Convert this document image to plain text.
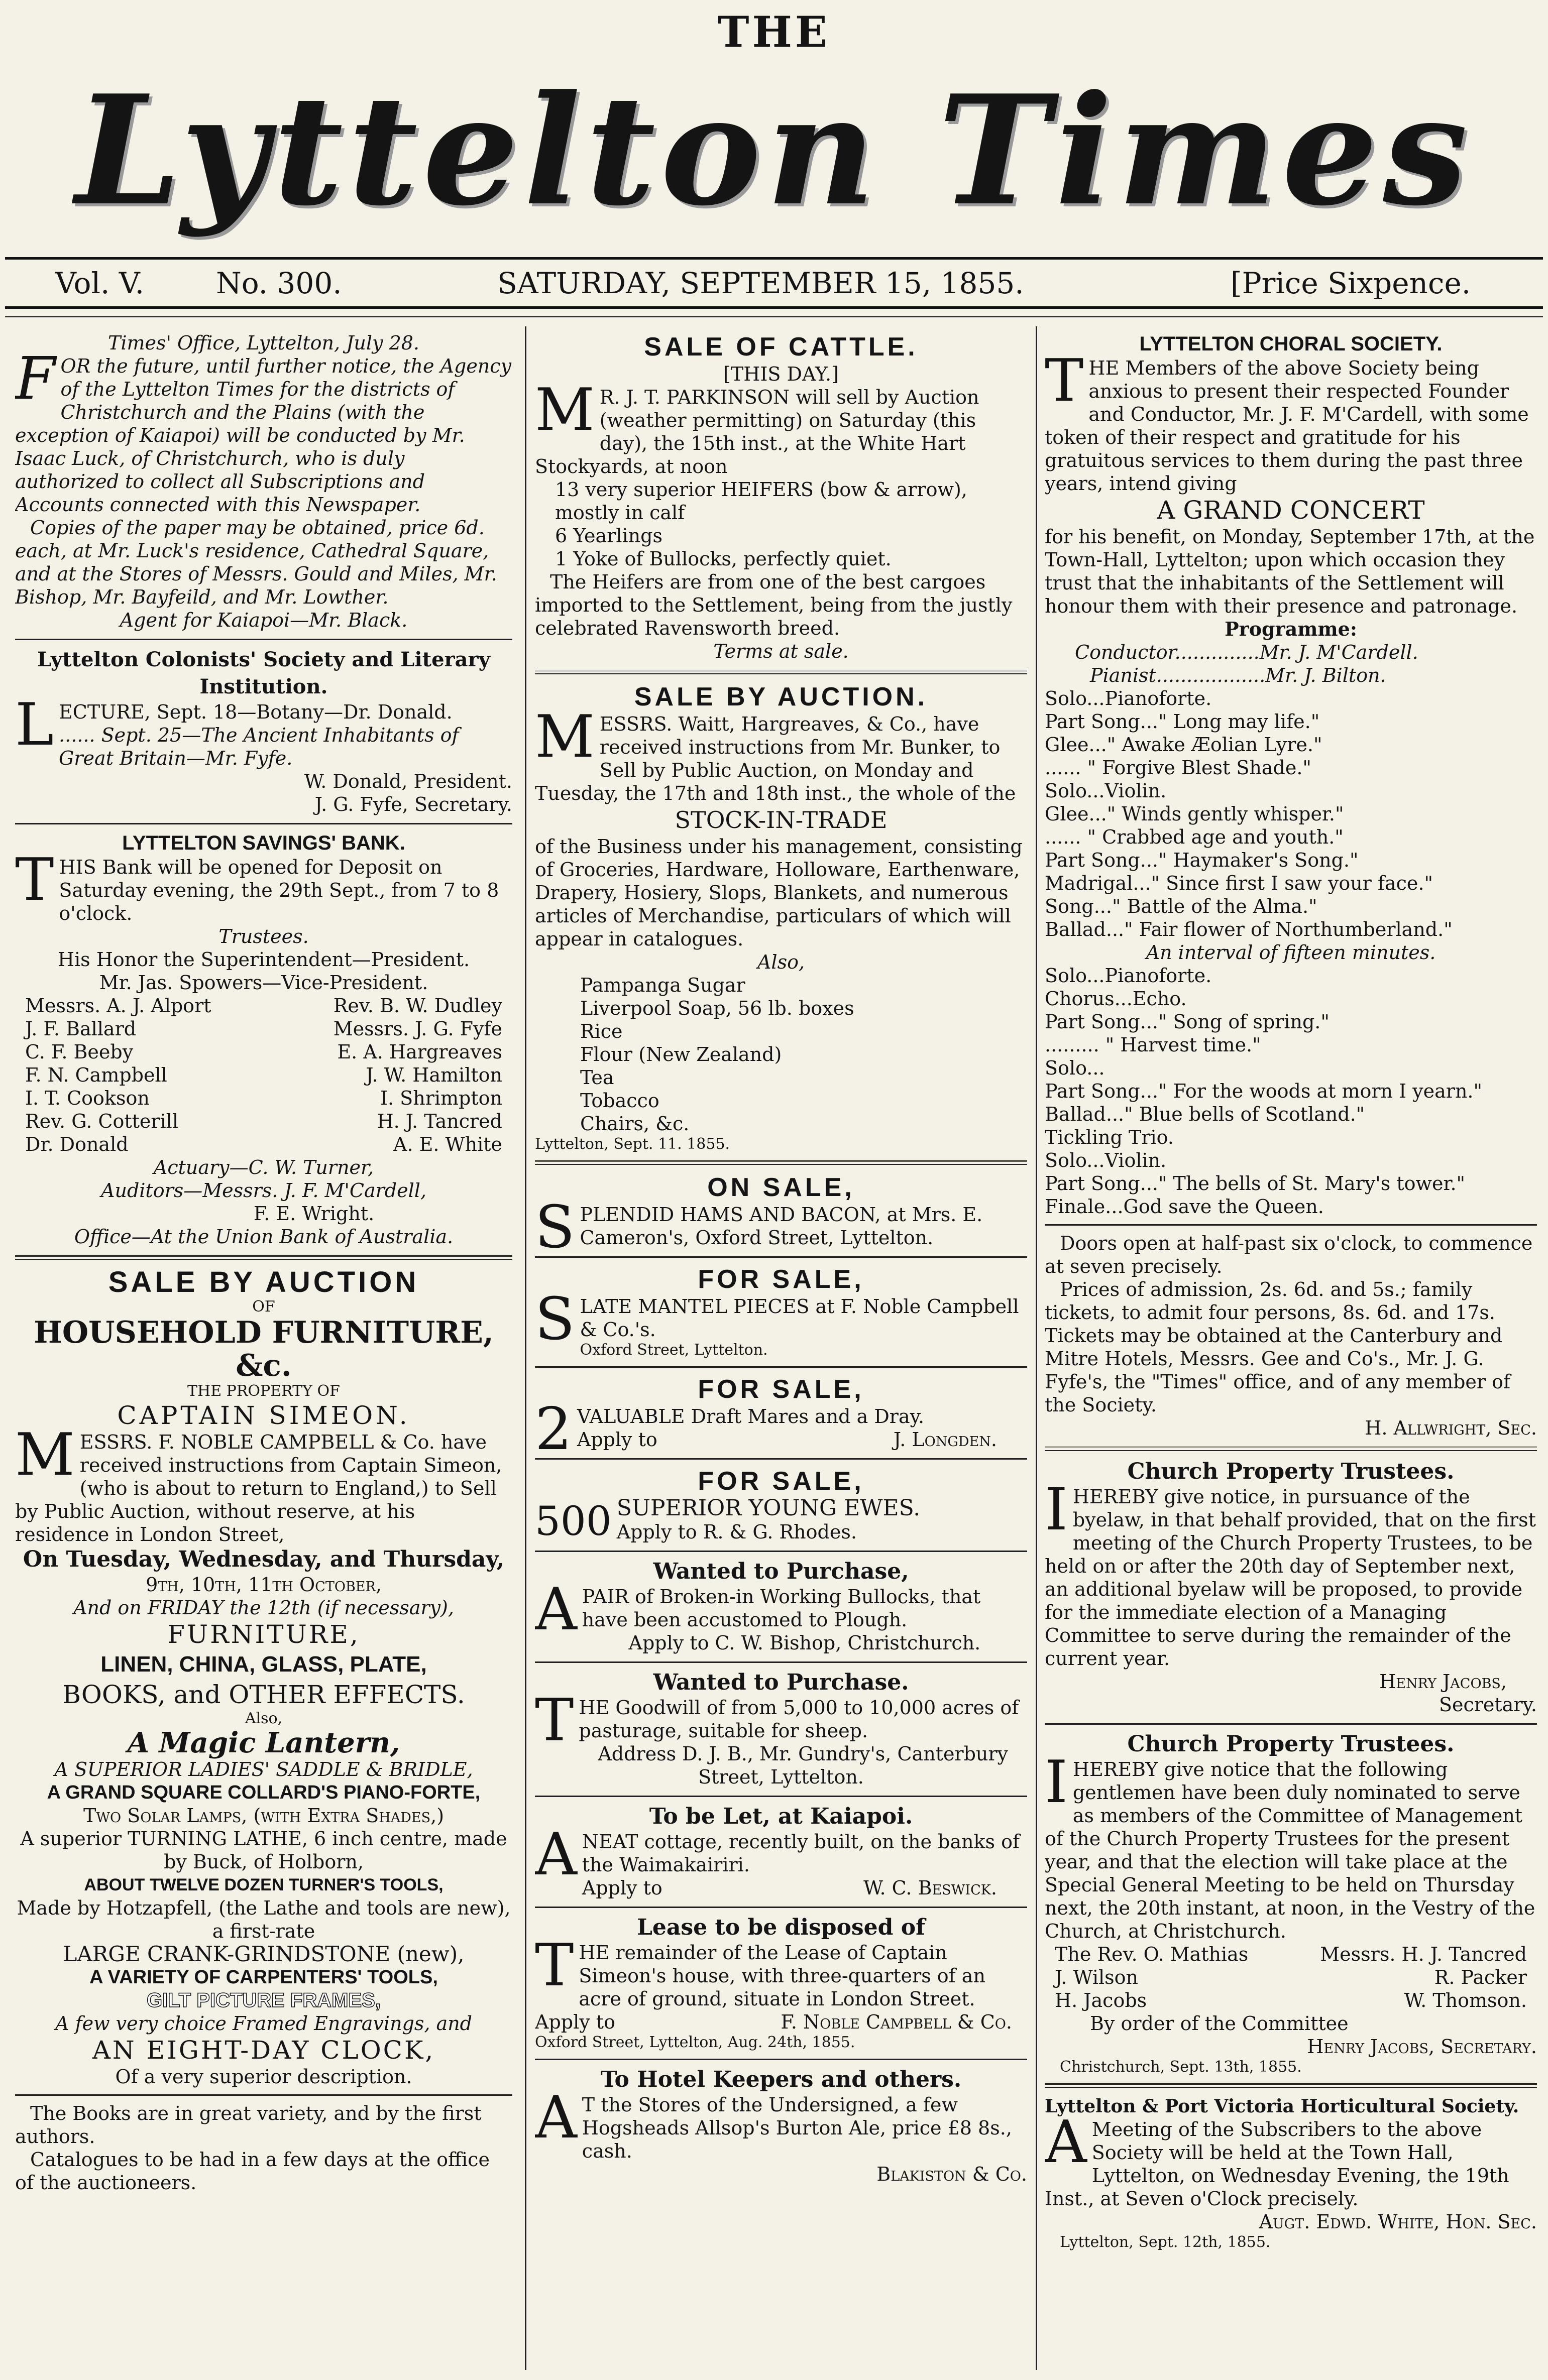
THE
Lyttelton Times
Vol. V. No. 300.	SATURDAY, SEPTEMBER 15, 1855.	[Price Sixpence.

Times' Office, Lyttelton, July 28.

FOR the future, until further notice, the Agency of the Lyttelton Times for the districts of Christchurch and the Plains (with the exception of Kaiapoi) will be conducted by Mr. Isaac Luck, of Christchurch, who is duly authorized to collect all Subscriptions and Accounts connected with this Newspaper.

Copies of the paper may be obtained, price 6d. each, at Mr. Luck's residence, Cathedral Square, and at the Stores of Messrs. Gould and Miles, Mr. Bishop, Mr. Bayfeild, and Mr. Lowther.

Agent for Kaiapoi—Mr. Black.

Lyttelton Colonists' Society and Literary Institution.

LECTURE, Sept. 18—Botany—Dr. Donald.

...... Sept. 25—The Ancient Inhabitants of Great Britain—Mr. Fyfe.

W. Donald, President.

J. G. Fyfe, Secretary.

LYTTELTON SAVINGS' BANK.

THIS Bank will be opened for Deposit on Saturday evening, the 29th Sept., from 7 to 8 o'clock.

Trustees.

His Honor the Superintendent—President.

Mr. Jas. Spowers—Vice-President.

Messrs. A. J. Alport	Rev. B. W. Dudley

J. F. Ballard	Messrs. J. G. Fyfe

C. F. Beeby	E. A. Hargreaves

F. N. Campbell	J. W. Hamilton

I. T. Cookson	I. Shrimpton

Rev. G. Cotterill	H. J. Tancred

Dr. Donald	A. E. White

Actuary—C. W. Turner,

Auditors—Messrs. J. F. M'Cardell,

F. E. Wright.

Office—At the Union Bank of Australia.

SALE BY AUCTION

OF

HOUSEHOLD FURNITURE, &c.

THE PROPERTY OF

CAPTAIN SIMEON.

MESSRS. F. NOBLE CAMPBELL & Co. have received instructions from Captain Simeon, (who is about to return to England,) to Sell by Public Auction, without reserve, at his residence in London Street,

On Tuesday, Wednesday, and Thursday,

9th, 10th, 11th October,

And on FRIDAY the 12th (if necessary),

FURNITURE,

LINEN, CHINA, GLASS, PLATE,

BOOKS, and OTHER EFFECTS.

Also,

A Magic Lantern,

A SUPERIOR LADIES' SADDLE & BRIDLE,

A GRAND SQUARE COLLARD'S PIANO-FORTE,

Two Solar Lamps, (with Extra Shades,)

A superior TURNING LATHE, 6 inch centre, made by Buck, of Holborn,

ABOUT TWELVE DOZEN TURNER'S TOOLS,

Made by Hotzapfell, (the Lathe and tools are new), a first-rate

LARGE CRANK-GRINDSTONE (new),

A VARIETY OF CARPENTERS' TOOLS,

GILT PICTURE FRAMES,

A few very choice Framed Engravings, and

AN EIGHT-DAY CLOCK,

Of a very superior description.

The Books are in great variety, and by the first authors.

Catalogues to be had in a few days at the office of the auctioneers.

SALE OF CATTLE.

[THIS DAY.]

M R. J. T. PARKINSON will sell by Auction (weather permitting) on Saturday (this day), the 15th inst., at the White Hart Stockyards, at noon

13 very superior HEIFERS (bow & arrow), mostly in calf

6 Yearlings

1 Yoke of Bullocks, perfectly quiet.

The Heifers are from one of the best cargoes imported to the Settlement, being from the justly celebrated Ravensworth breed.

Terms at sale.

SALE BY AUCTION.

MESSRS. Waitt, Hargreaves, & Co., have received instructions from Mr. Bunker, to Sell by Public Auction, on Monday and Tuesday, the 17th and 18th inst., the whole of the

STOCK-IN-TRADE

of the Business under his management, consisting of Groceries, Hardware, Holloware, Earthenware, Drapery, Hosiery, Slops, Blankets, and numerous articles of Merchandise, particulars of which will appear in catalogues.

Also,

Pampanga Sugar

Liverpool Soap, 56 lb. boxes

Rice

Flour (New Zealand)

Tea

Tobacco

Chairs, &c.

Lyttelton, Sept. 11. 1855.

ON SALE,

SPLENDID HAMS AND BACON, at Mrs. E. Cameron's, Oxford Street, Lyttelton.

FOR SALE,

SLATE MANTEL PIECES at F. Noble Campbell & Co.'s.

Oxford Street, Lyttelton.

FOR SALE,

2 VALUABLE Draft Mares and a Dray.

Apply to	J. Longden.

FOR SALE,

500 SUPERIOR YOUNG EWES.

Apply to R. & G. Rhodes.

Wanted to Purchase,

APAIR of Broken-in Working Bullocks, that have been accustomed to Plough.

Apply to C. W. Bishop, Christchurch.

Wanted to Purchase.

THE Goodwill of from 5,000 to 10,000 acres of pasturage, suitable for sheep.

Address D. J. B., Mr. Gundry's, Canterbury Street, Lyttelton.

To be Let, at Kaiapoi.

ANEAT cottage, recently built, on the banks of the Waimakairiri.

Apply to	W. C. Beswick.

Lease to be disposed of

THE remainder of the Lease of Captain Simeon's house, with three-quarters of an acre of ground, situate in London Street.

Apply to	F. Noble Campbell & Co.

Oxford Street, Lyttelton, Aug. 24th, 1855.

To Hotel Keepers and others.

A T the Stores of the Undersigned, a few Hogsheads Allsop's Burton Ale, price £8 8s., cash.

Blakiston & Co.

LYTTELTON CHORAL SOCIETY.

THE Members of the above Society being anxious to present their respected Founder and Conductor, Mr. J. F. M'Cardell, with some token of their respect and gratitude for his gratuitous services to them during the past three years, intend giving

A GRAND CONCERT

for his benefit, on Monday, September 17th, at the Town-Hall, Lyttelton; upon which occasion they trust that the inhabitants of the Settlement will honour them with their presence and patronage.

Programme:

Conductor..............Mr. J. M'Cardell.

Pianist..................Mr. J. Bilton.

Solo...Pianoforte.

Part Song..." Long may life."

Glee..." Awake Æolian Lyre."

...... " Forgive Blest Shade."

Solo...Violin.

Glee..." Winds gently whisper."

...... " Crabbed age and youth."

Part Song..." Haymaker's Song."

Madrigal..." Since first I saw your face."

Song..." Battle of the Alma."

Ballad..." Fair flower of Northumberland."

An interval of fifteen minutes.

Solo...Pianoforte.

Chorus...Echo.

Part Song..." Song of spring."

......... " Harvest time."

Solo...

Part Song..." For the woods at morn I yearn."

Ballad..." Blue bells of Scotland."

Tickling Trio.

Solo...Violin.

Part Song..." The bells of St. Mary's tower."

Finale...God save the Queen.

Doors open at half-past six o'clock, to commence at seven precisely.

Prices of admission, 2s. 6d. and 5s.; family tickets, to admit four persons, 8s. 6d. and 17s. Tickets may be obtained at the Canterbury and Mitre Hotels, Messrs. Gee and Co's., Mr. J. G. Fyfe's, the "Times" office, and of any member of the Society.

H. Allwright, Sec.

Church Property Trustees.

IHEREBY give notice, in pursuance of the byelaw, in that behalf provided, that on the first meeting of the Church Property Trustees, to be held on or after the 20th day of September next, an additional byelaw will be proposed, to provide for the immediate election of a Managing Committee to serve during the remainder of the current year.

Henry Jacobs,

Secretary.

Church Property Trustees.

IHEREBY give notice that the following gentlemen have been duly nominated to serve as members of the Committee of Management of the Church Property Trustees for the present year, and that the election will take place at the Special General Meeting to be held on Thursday next, the 20th instant, at noon, in the Vestry of the Church, at Christchurch.

The Rev. O. Mathias	Messrs. H. J. Tancred

J. Wilson	R. Packer

H. Jacobs	W. Thomson.

By order of the Committee

Henry Jacobs, Secretary.

Christchurch, Sept. 13th, 1855.

Lyttelton & Port Victoria Horticultural Society.

A Meeting of the Subscribers to the above Society will be held at the Town Hall, Lyttelton, on Wednesday Evening, the 19th Inst., at Seven o'Clock precisely.

Augt. Edwd. White, Hon. Sec.

Lyttelton, Sept. 12th, 1855.
